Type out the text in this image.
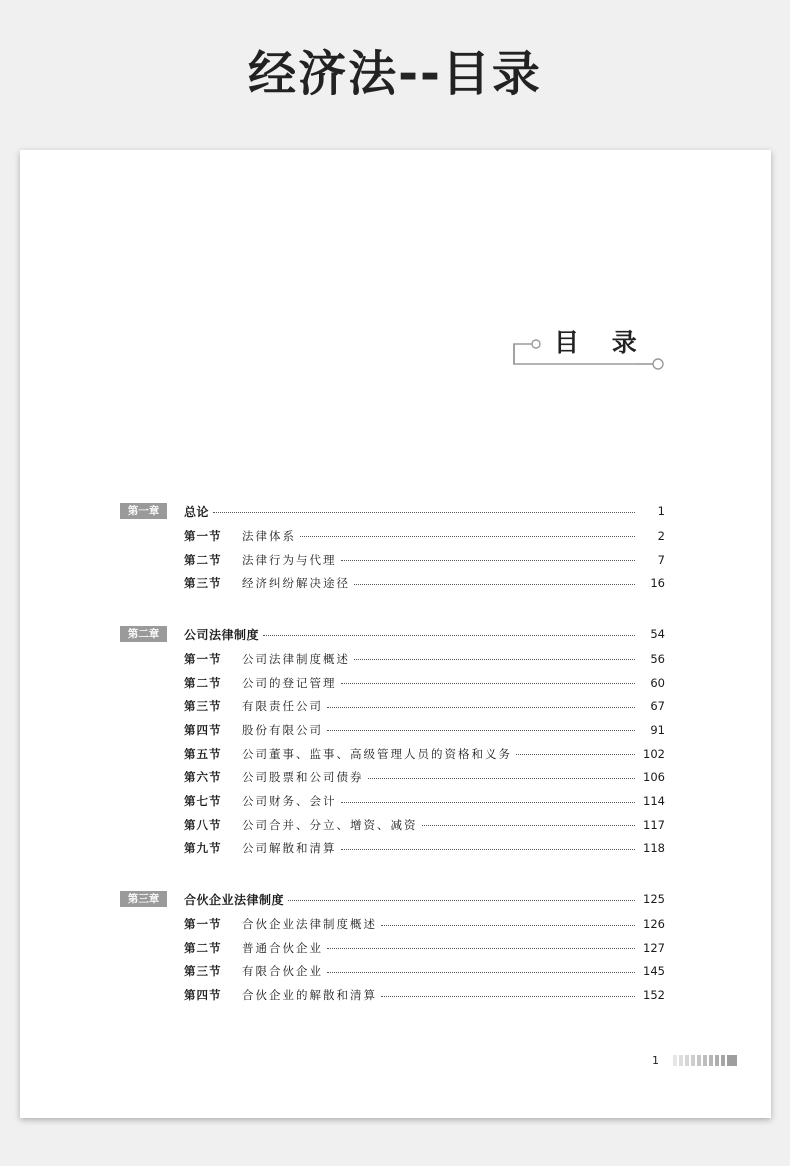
经济法--目录
目 录
第一章	总论	1
第一节	法律体系	2
第二节	法律行为与代理	7
第三节	经济纠纷解决途径	16
第二章	公司法律制度	54
第一节	公司法律制度概述	56
第二节	公司的登记管理	60
第三节	有限责任公司	67
第四节	股份有限公司	91
第五节	公司董事、监事、高级管理人员的资格和义务	102
第六节	公司股票和公司债券	106
第七节	公司财务、会计	114
第八节	公司合并、分立、增资、减资	117
第九节	公司解散和清算	118
第三章	合伙企业法律制度	125
第一节	合伙企业法律制度概述	126
第二节	普通合伙企业	127
第三节	有限合伙企业	145
第四节	合伙企业的解散和清算	152
1
